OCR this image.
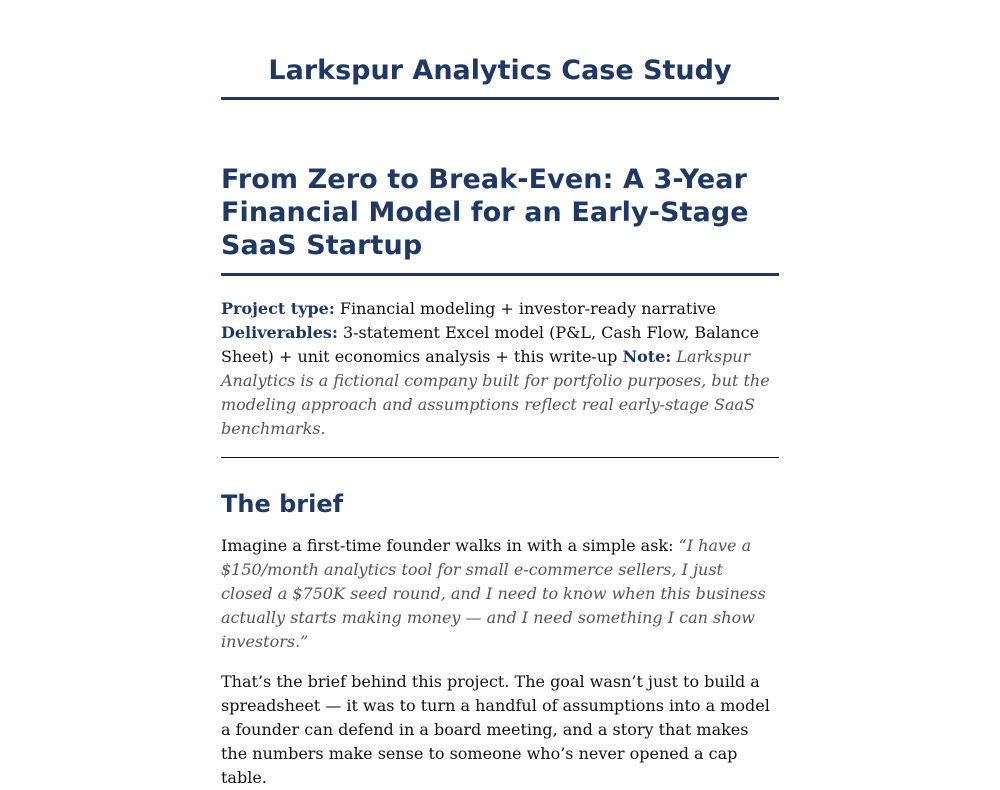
Larkspur Analytics Case Study
From Zero to Break-Even: A 3-Year Financial Model for an Early-Stage SaaS Startup

Project type: Financial modeling + investor-ready narrative
Deliverables: 3-statement Excel model (P&L, Cash Flow, Balance Sheet) + unit economics analysis + this write-up Note: Larkspur Analytics is a fictional company built for portfolio purposes, but the modeling approach and assumptions reflect real early-stage SaaS benchmarks.

The brief

Imagine a first-time founder walks in with a simple ask: “I have a $150/month analytics tool for small e-commerce sellers, I just closed a $750K seed round, and I need to know when this business actually starts making money — and I need something I can show investors.”

That’s the brief behind this project. The goal wasn’t just to build a spreadsheet — it was to turn a handful of assumptions into a model a founder can defend in a board meeting, and a story that makes the numbers make sense to someone who’s never opened a cap table.
